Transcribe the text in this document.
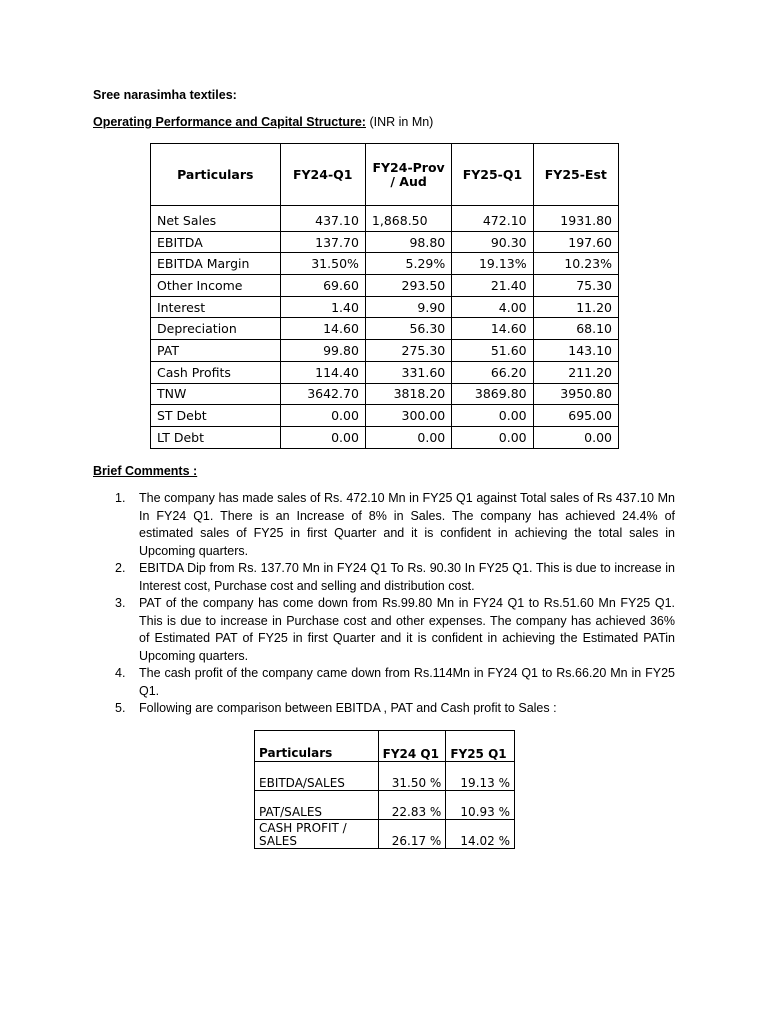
Sree narasimha textiles:
Operating Performance and Capital Structure: (INR in Mn)
Particulars	FY24-Q1	FY24-Prov / Aud	FY25-Q1	FY25-Est
Net Sales	437.10	1,868.50	472.10	1931.80
EBITDA	137.70	98.80	90.30	197.60
EBITDA Margin	31.50%	5.29%	19.13%	10.23%
Other Income	69.60	293.50	21.40	75.30
Interest	1.40	9.90	4.00	11.20
Depreciation	14.60	56.30	14.60	68.10
PAT	99.80	275.30	51.60	143.10
Cash Profits	114.40	331.60	66.20	211.20
TNW	3642.70	3818.20	3869.80	3950.80
ST Debt	0.00	300.00	0.00	695.00
LT Debt	0.00	0.00	0.00	0.00
Brief Comments :
1. The company has made sales of Rs. 472.10 Mn in FY25 Q1 against Total sales of Rs 437.10 Mn In FY24 Q1. There is an Increase of 8% in Sales. The company has achieved 24.4% of estimated sales of FY25 in first Quarter and it is confident in achieving the total sales in Upcoming quarters.
2. EBITDA Dip from Rs. 137.70 Mn in FY24 Q1 To Rs. 90.30 In FY25 Q1. This is due to increase in Interest cost, Purchase cost and selling and distribution cost.
3. PAT of the company has come down from Rs.99.80 Mn in FY24 Q1 to Rs.51.60 Mn FY25 Q1. This is due to increase in Purchase cost and other expenses. The company has achieved 36% of Estimated PAT of FY25 in first Quarter and it is confident in achieving the Estimated PATin Upcoming quarters.
4. The cash profit of the company came down from Rs.114Mn in FY24 Q1 to Rs.66.20 Mn in FY25 Q1.
5. Following are comparison between EBITDA , PAT and Cash profit to Sales :
Particulars	FY24 Q1	FY25 Q1
EBITDA/SALES	31.50 %	19.13 %
PAT/SALES	22.83 %	10.93 %
CASH PROFIT / SALES	26.17 %	14.02 %
